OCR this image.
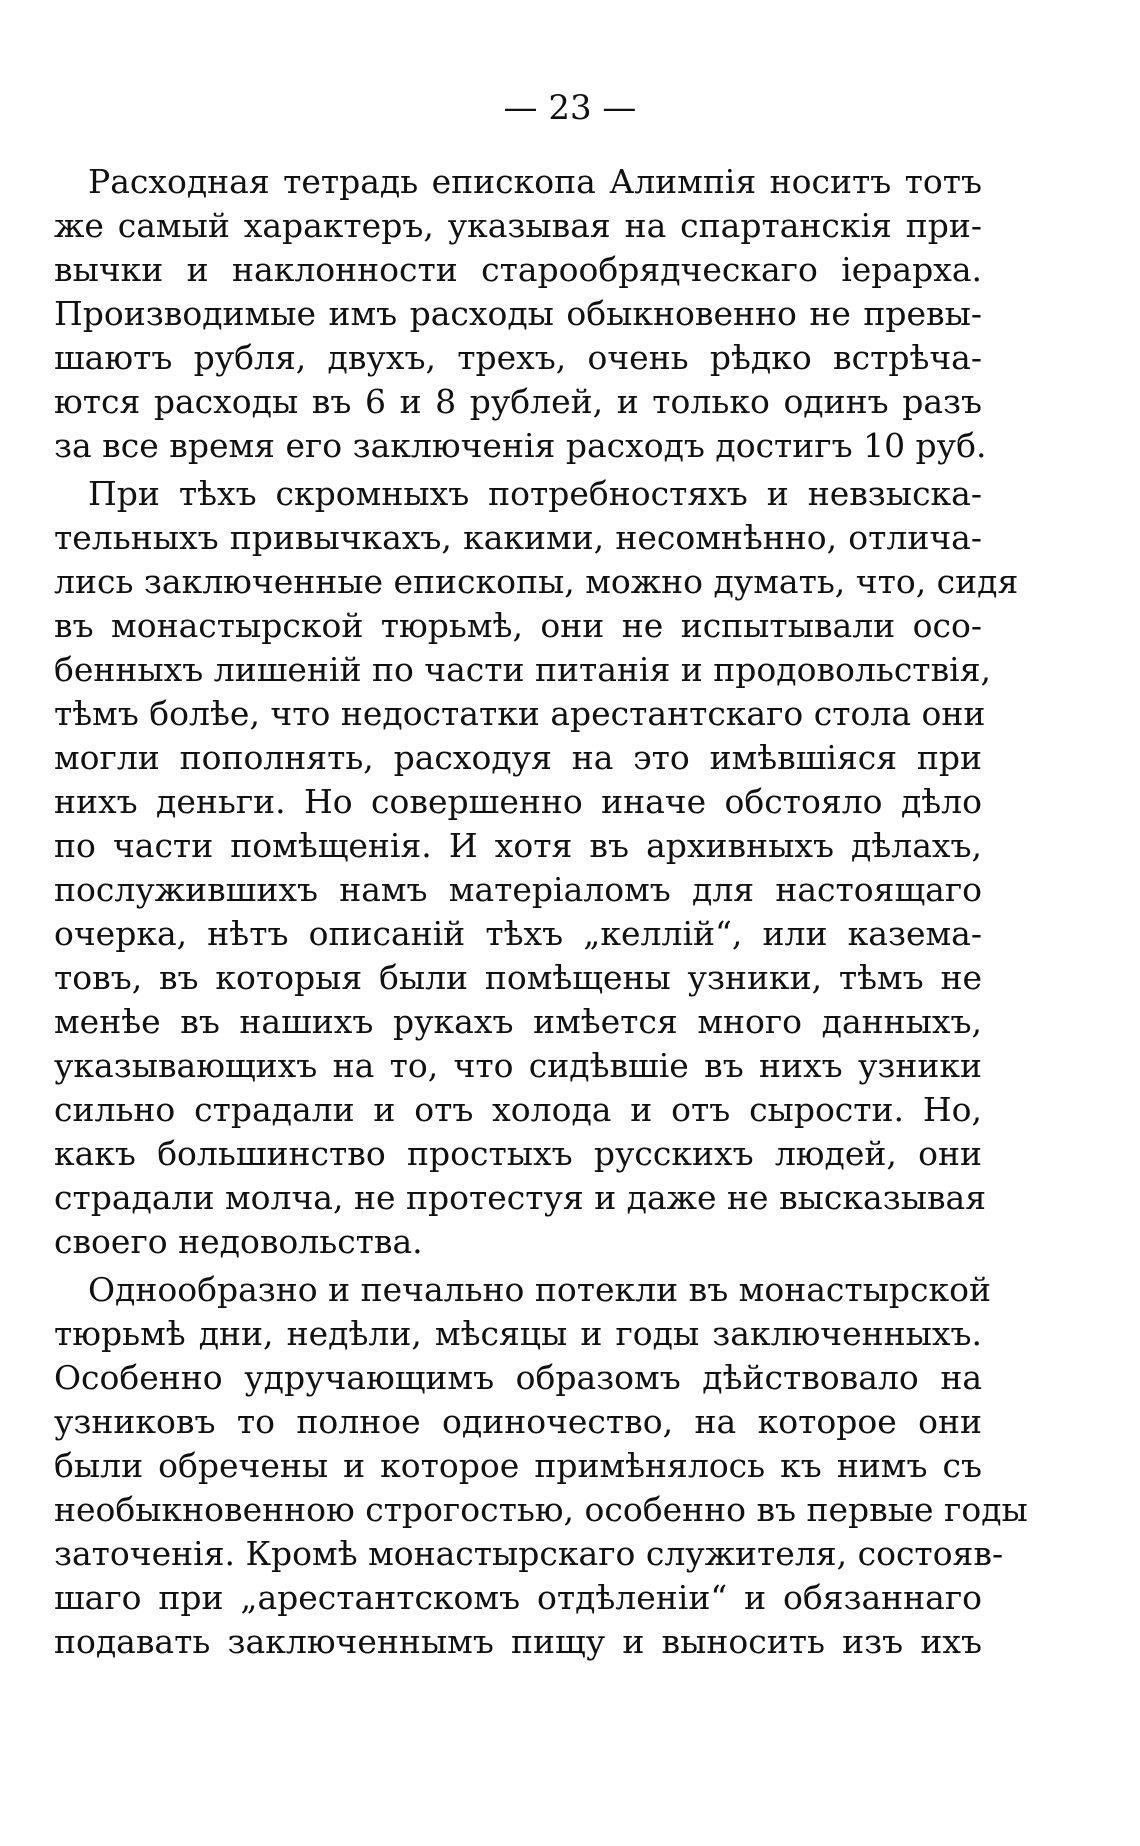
— 23 —
Расходная тетрадь епископа Алимпія носитъ тотъ
же самый характеръ, указывая на спартанскія при-
вычки и наклонности старообрядческаго іерарха.
Производимые имъ расходы обыкновенно не превы-
шаютъ рубля, двухъ, трехъ, очень рѣдко встрѣча-
ются расходы въ 6 и 8 рублей, и только одинъ разъ
за все время его заключенія расходъ достигъ 10 руб.
При тѣхъ скромныхъ потребностяхъ и невзыска-
тельныхъ привычкахъ, какими, несомнѣнно, отлича-
лись заключенные епископы, можно думать, что, сидя
въ монастырской тюрьмѣ, они не испытывали осо-
бенныхъ лишеній по части питанія и продовольствія,
тѣмъ болѣе, что недостатки арестантскаго стола они
могли пополнять, расходуя на это имѣвшіяся при
нихъ деньги. Но совершенно иначе обстояло дѣло
по части помѣщенія. И хотя въ архивныхъ дѣлахъ,
послужившихъ намъ матеріаломъ для настоящаго
очерка, нѣтъ описаній тѣхъ „келлій“, или казема-
товъ, въ которыя были помѣщены узники, тѣмъ не
менѣе въ нашихъ рукахъ имѣется много данныхъ,
указывающихъ на то, что сидѣвшіе въ нихъ узники
сильно страдали и отъ холода и отъ сырости. Но,
какъ большинство простыхъ русскихъ людей, они
страдали молча, не протестуя и даже не высказывая
своего недовольства.
Однообразно и печально потекли въ монастырской
тюрьмѣ дни, недѣли, мѣсяцы и годы заключенныхъ.
Особенно удручающимъ образомъ дѣйствовало на
узниковъ то полное одиночество, на которое они
были обречены и которое примѣнялось къ нимъ съ
необыкновенною строгостью, особенно въ первые годы
заточенія. Кромѣ монастырскаго служителя, состояв-
шаго при „арестантскомъ отдѣленіи“ и обязаннаго
подавать заключеннымъ пищу и выносить изъ ихъ
